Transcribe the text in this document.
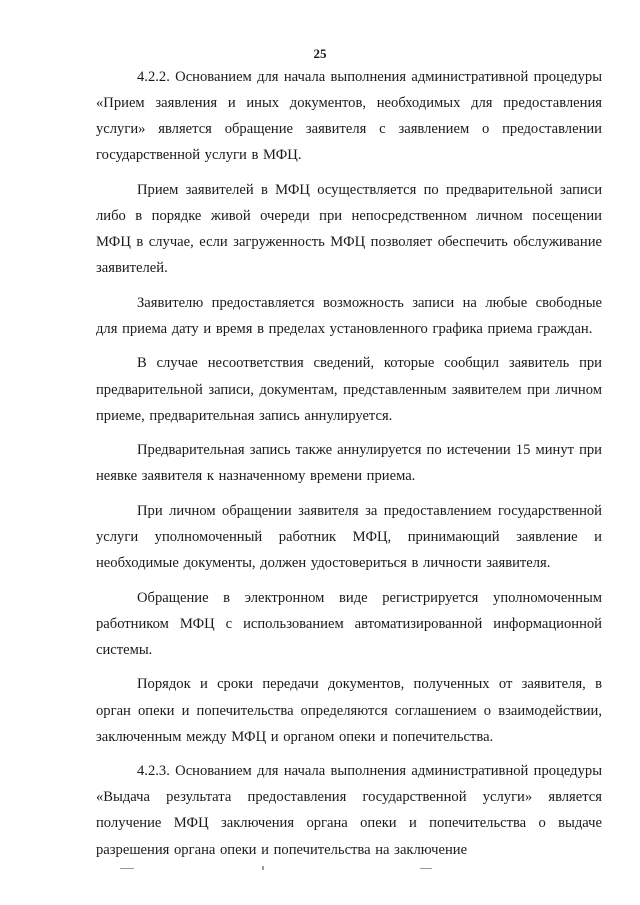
25

4.2.2. Основанием для начала выполнения административной процедуры «Прием заявления и иных документов, необходимых для предоставления услуги» является обращение заявителя с заявлением о предоставлении государственной услуги в МФЦ.

Прием заявителей в МФЦ осуществляется по предварительной записи либо в порядке живой очереди при непосредственном личном посещении МФЦ в случае, если загруженность МФЦ позволяет обеспечить обслуживание заявителей.

Заявителю предоставляется возможность записи на любые свободные для приема дату и время в пределах установленного графика приема граждан.

В случае несоответствия сведений, которые сообщил заявитель при предварительной записи, документам, представленным заявителем при личном приеме, предварительная запись аннулируется.

Предварительная запись также аннулируется по истечении 15 минут при неявке заявителя к назначенному времени приема.

При личном обращении заявителя за предоставлением государственной услуги уполномоченный работник МФЦ, принимающий заявление и необходимые документы, должен удостовериться в личности заявителя.

Обращение в электронном виде регистрируется уполномоченным работником МФЦ с использованием автоматизированной информационной системы.

Порядок и сроки передачи документов, полученных от заявителя, в орган опеки и попечительства определяются соглашением о взаимодействии, заключенным между МФЦ и органом опеки и попечительства.

4.2.3. Основанием для начала выполнения административной процедуры «Выдача результата предоставления государственной услуги» является получение МФЦ заключения органа опеки и попечительства о выдаче разрешения органа опеки и попечительства на заключение
